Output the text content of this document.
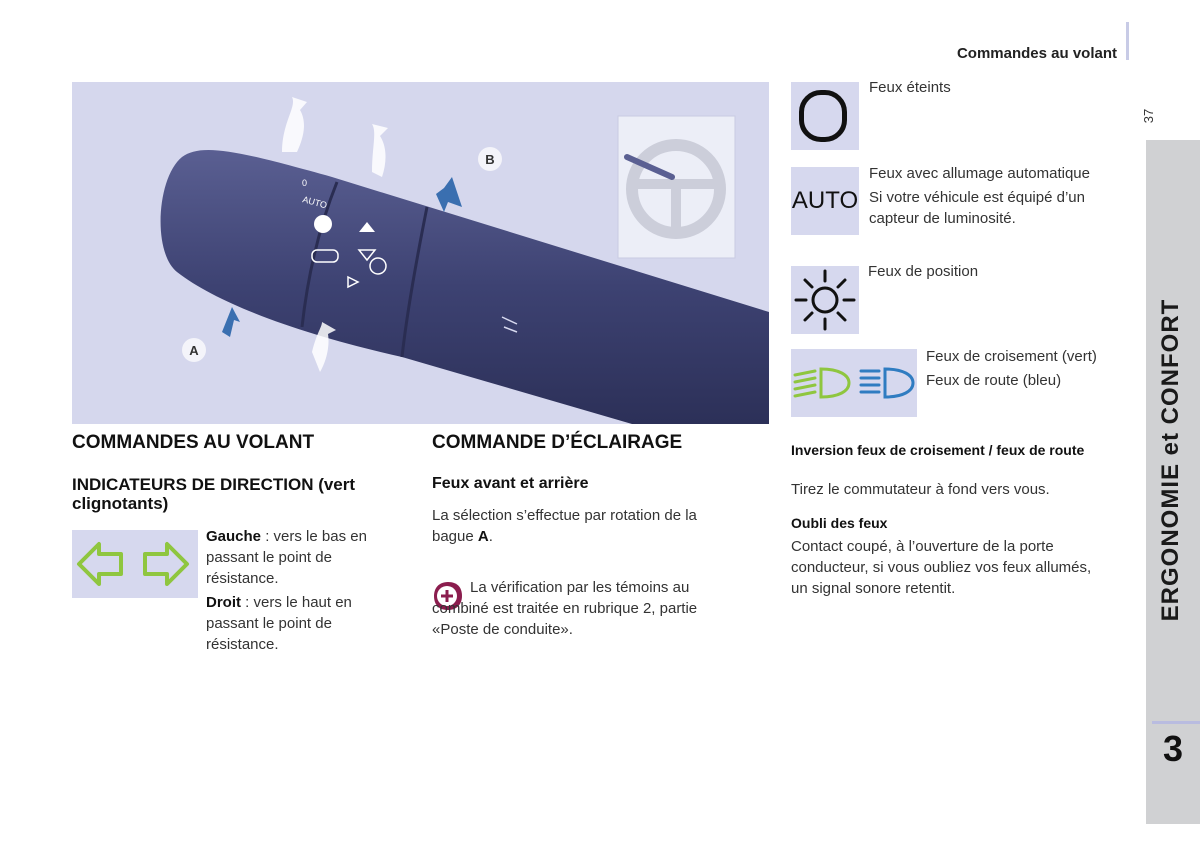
Commandes au volant
37
ERGONOMIE et CONFORT
3
B
A
AUTO
0
COMMANDES AU VOLANT
INDICATEURS DE DIRECTION (vert clignotants)
Gauche : vers le bas en passant le point de résistance.
Droit : vers le haut en passant le point de résistance.
COMMANDE D’ÉCLAIRAGE
Feux avant et arrière
La sélection s’effectue par rotation de la bague A.
La vérification par les témoins au combiné est traitée en rubrique 2, partie «Poste de conduite».
Feux éteints
AUTO
Feux avec allumage automatique
Si votre véhicule est équipé d’un capteur de luminosité.
Feux de position
Feux de croisement (vert)
Feux de route (bleu)
Inversion feux de croisement / feux de route
Tirez le commutateur à fond vers vous.
Oubli des feux
Contact coupé, à l’ouverture de la porte conducteur, si vous oubliez vos feux allumés, un signal sonore retentit.
